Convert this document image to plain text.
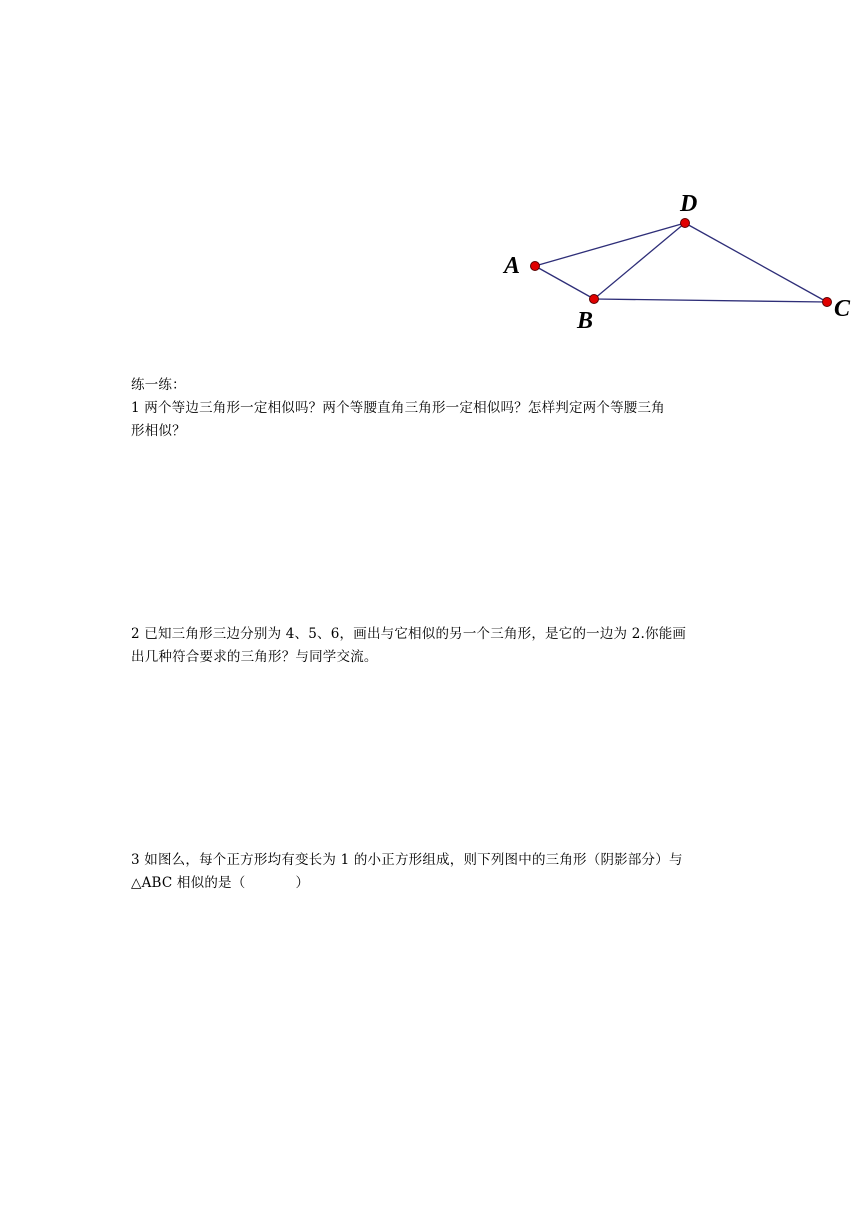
A
B	C
D
练一练：
1 两个等边三角形一定相似吗？两个等腰直角三角形一定相似吗？怎样判定两个等腰三角
形相似？
2 已知三角形三边分别为 4、5、6，画出与它相似的另一个三角形，是它的一边为 2.你能画
出几种符合要求的三角形？与同学交流。
3 如图么，每个正方形均有变长为 1 的小正方形组成，则下列图中的三角形（阴影部分）与
△ABC 相似的是（	）
